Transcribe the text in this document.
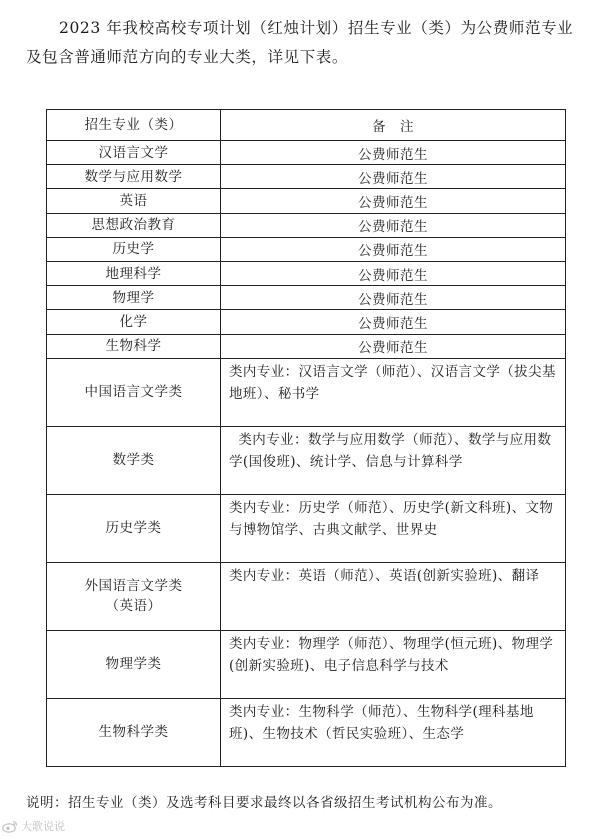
2023 年我校高校专项计划（红烛计划）招生专业（类）为公费师范专业及包含普通师范方向的专业大类，详见下表。

招生专业（类）	备　注
汉语言文学	公费师范生
数学与应用数学	公费师范生
英语	公费师范生
思想政治教育	公费师范生
历史学	公费师范生
地理科学	公费师范生
物理学	公费师范生
化学	公费师范生
生物科学	公费师范生
中国语言文学类	类内专业：汉语言文学（师范）、汉语言文学（拔尖基地班）、秘书学
数学类	类内专业：数学与应用数学（师范）、数学与应用数学(国俊班)、统计学、信息与计算科学
历史学类	类内专业：历史学（师范）、历史学(新文科班)、文物与博物馆学、古典文献学、世界史
外国语言文学类（英语）	类内专业：英语（师范）、英语(创新实验班)、翻译
物理学类	类内专业：物理学（师范）、物理学(恒元班)、物理学(创新实验班)、电子信息科学与技术
生物科学类	类内专业：生物科学（师范）、生物科学(理科基地班)、生物技术（哲民实验班）、生态学

说明：招生专业（类）及选考科目要求最终以各省级招生考试机构公布为准。

大歌说说
